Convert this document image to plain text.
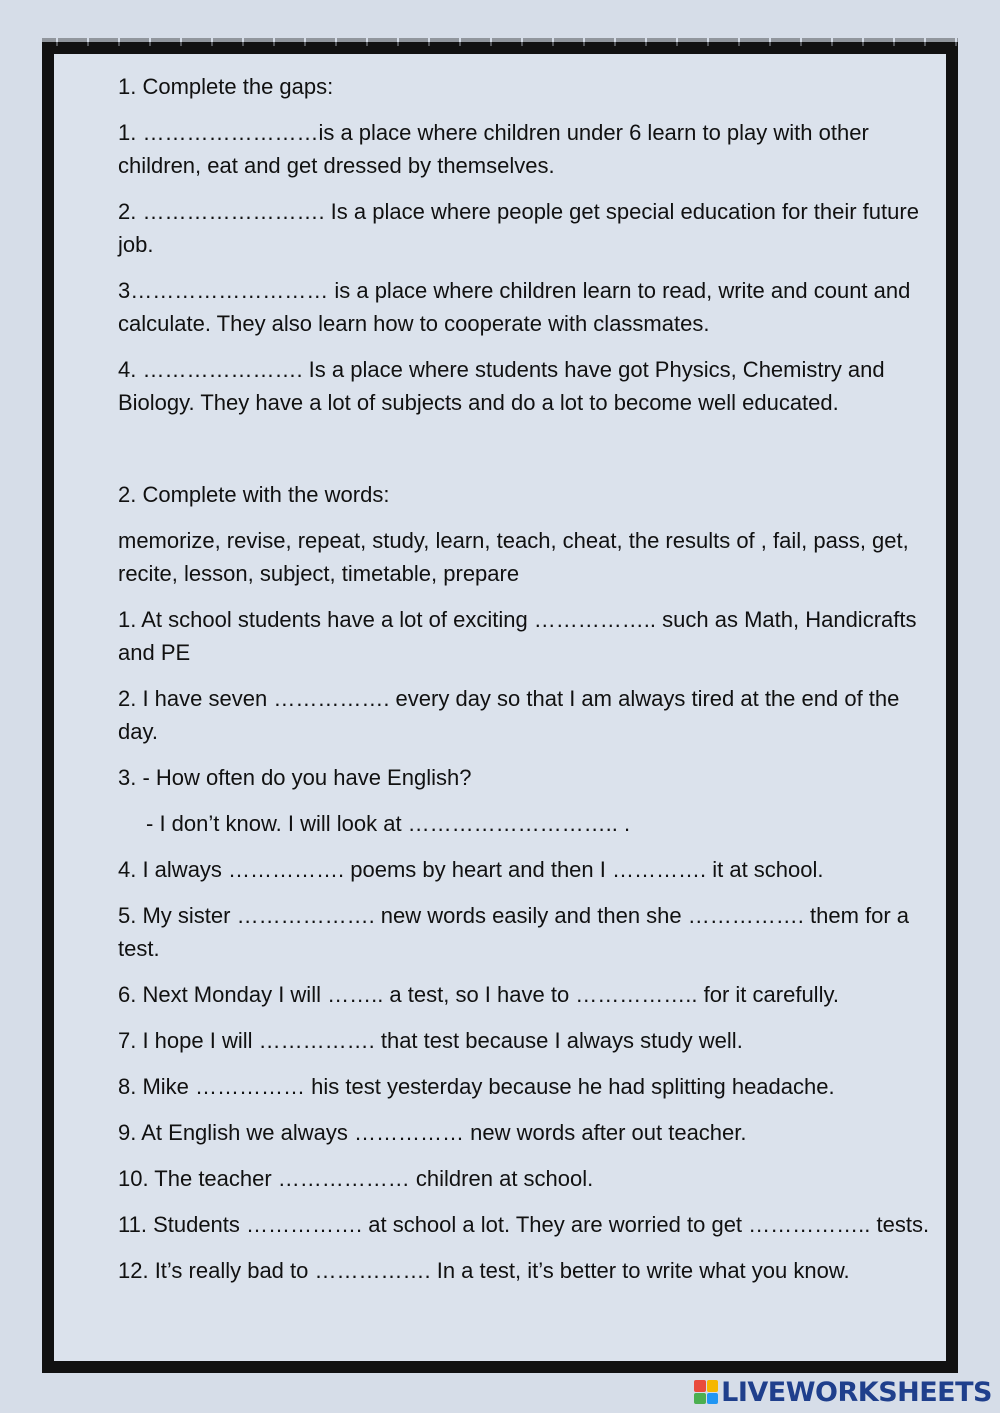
1. Complete the gaps:

1. ……………………is a place where children under 6 learn to play with other children, eat and get dressed by themselves.

2. ……………………. Is a place where people get special education for their future job.

3……………………… is a place where children learn to read, write and count and calculate. They also learn how to cooperate with classmates.

4. …………………. Is a place where students have got Physics, Chemistry and Biology. They have a lot of subjects and do a lot to become well educated.

2. Complete with the words:

memorize, revise, repeat, study, learn, teach, cheat, the results of , fail, pass, get, recite, lesson, subject, timetable, prepare

1. At school students have a lot of exciting …………….. such as Math, Handicrafts and PE

2. I have seven ……………. every day so that I am always tired at the end of the day.

3. - How often do you have English?

- I don’t know. I will look at ……………………….. .

4. I always ……………. poems by heart and then I …………. it at school.

5. My sister ………………. new words easily and then she ……………. them for a test.

6. Next Monday I will …….. a test, so I have to …………….. for it carefully.

7. I hope I will ……………. that test because I always study well.

8. Mike …………… his test yesterday because he had splitting headache.

9. At English we always …………… new words after out teacher.

10. The teacher ……………… children at school.

11. Students ……………. at school a lot. They are worried to get …………….. tests.

12. It’s really bad to ……………. In a test, it’s better to write what you know.

LIVEWORKSHEETS
